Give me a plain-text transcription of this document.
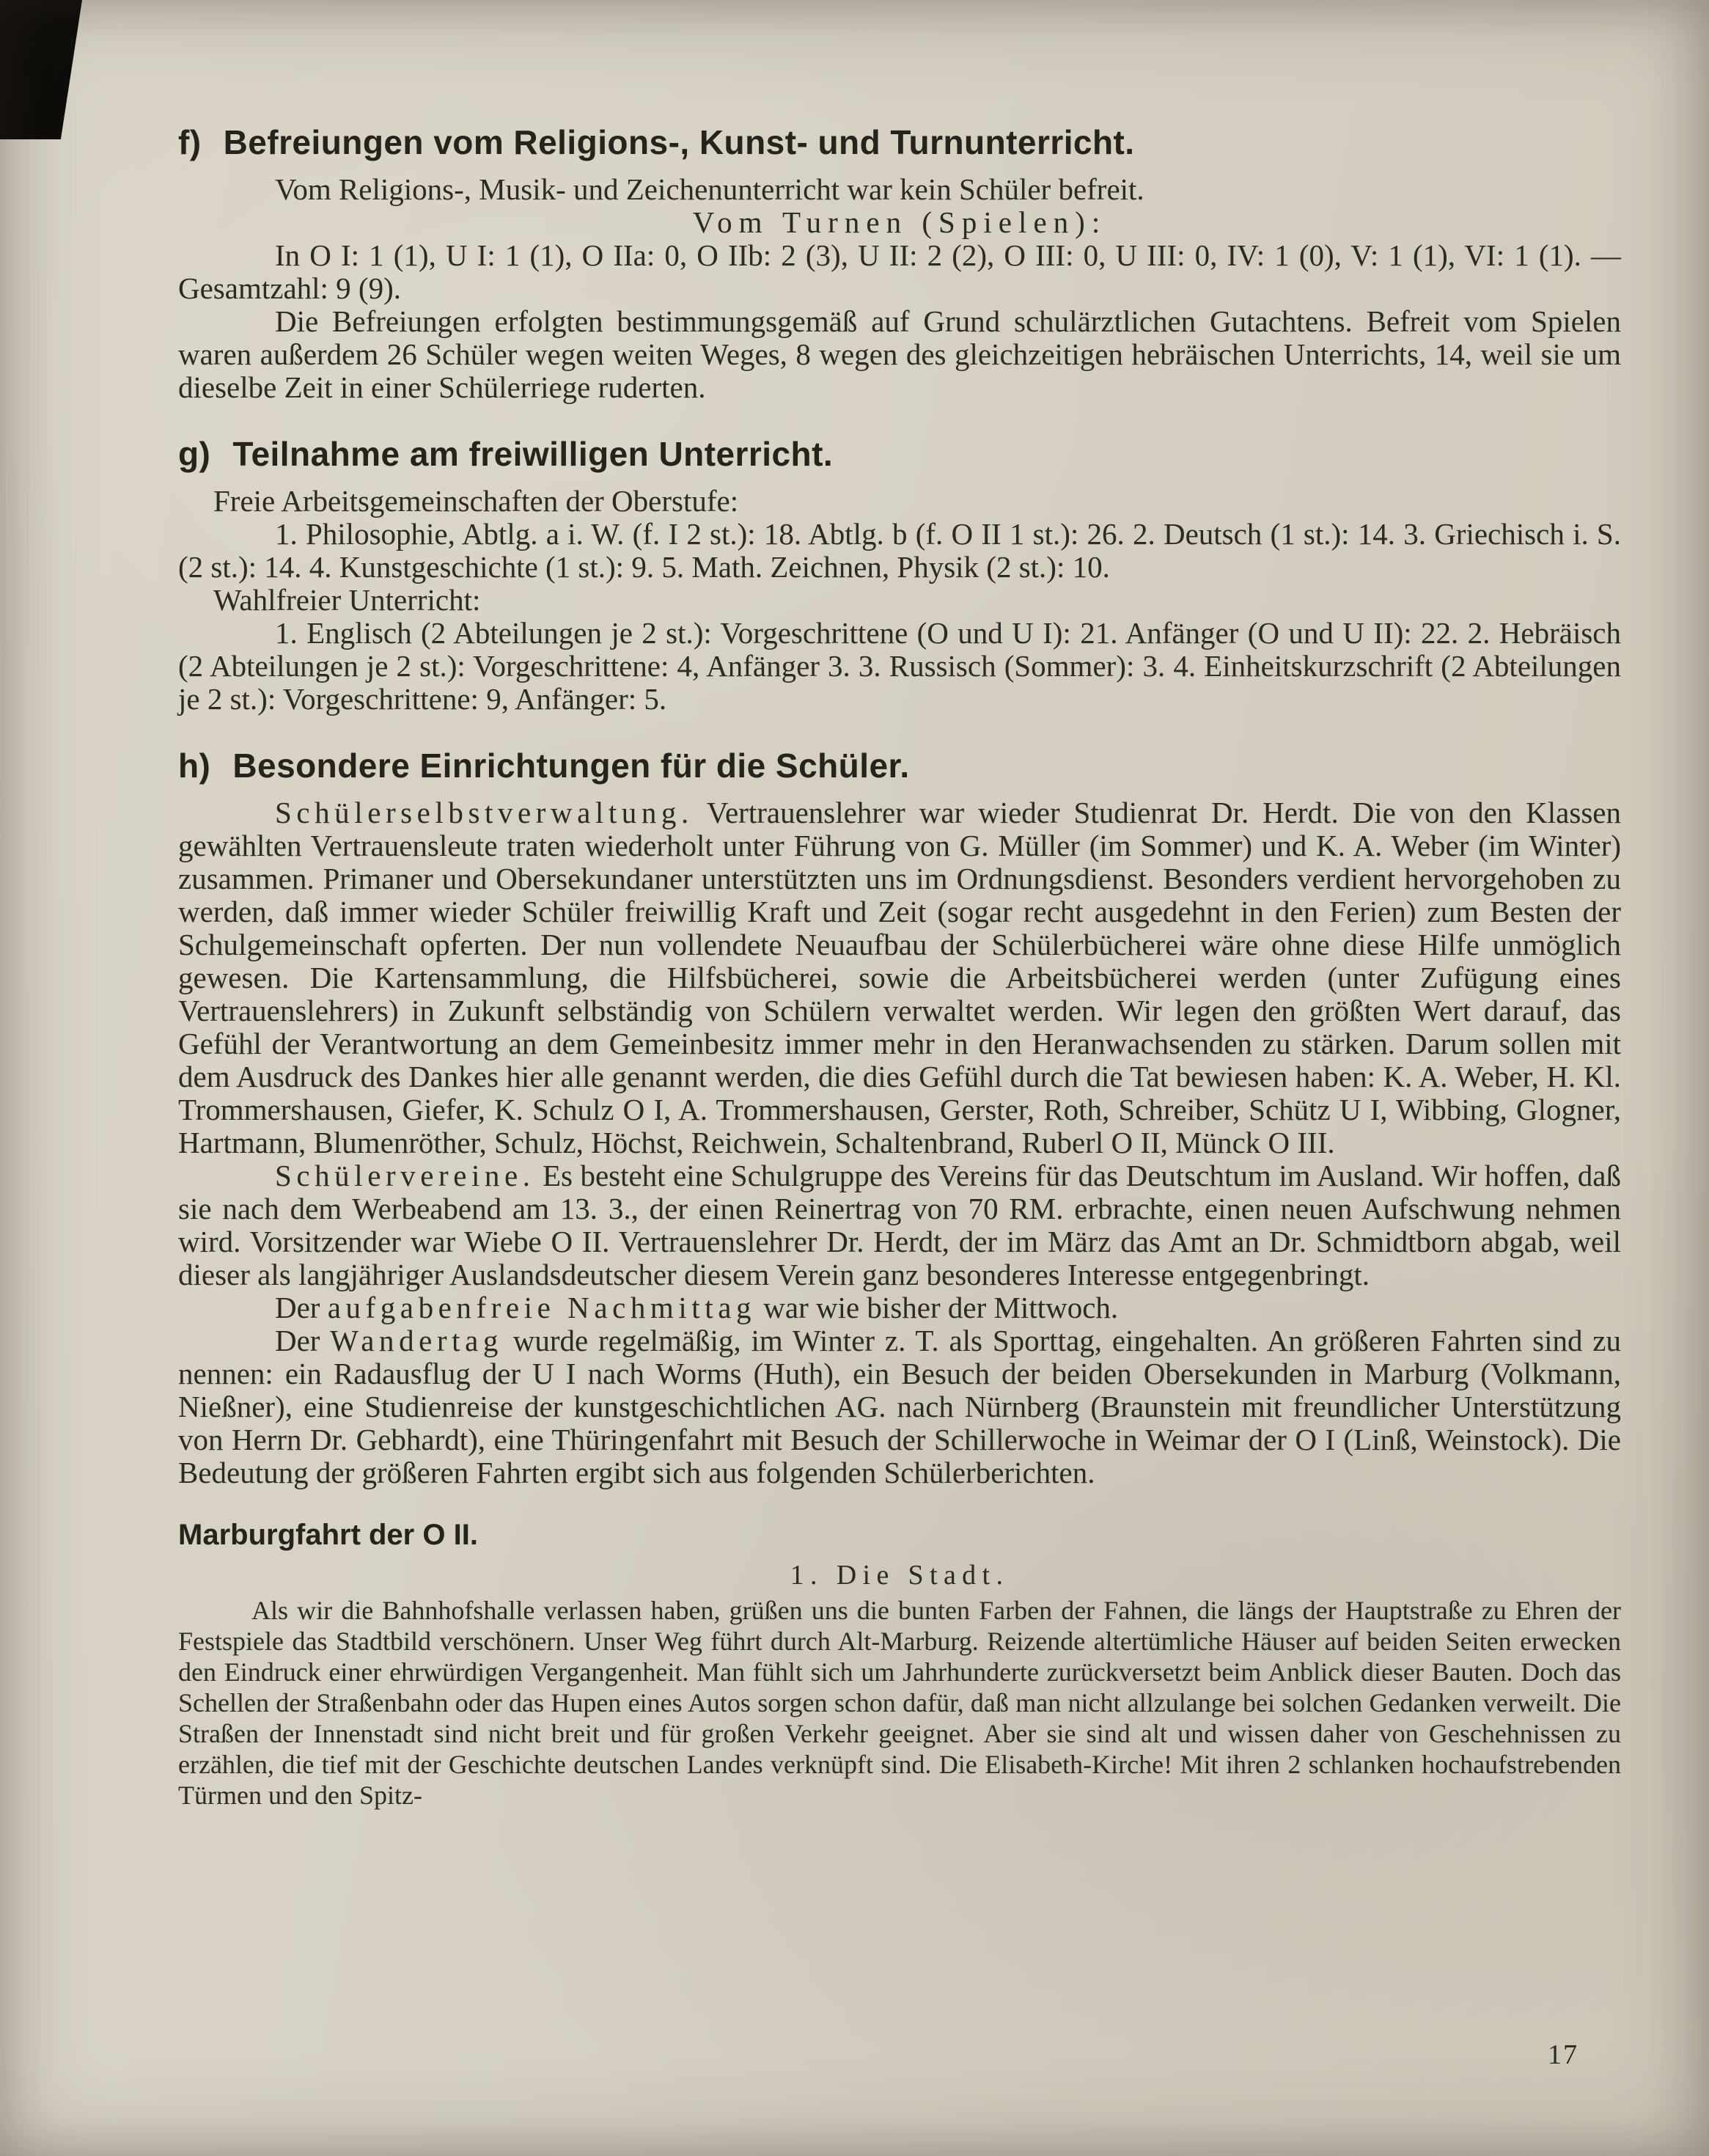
f) Befreiungen vom Religions-, Kunst- und Turnunterricht.

Vom Religions-, Musik- und Zeichenunterricht war kein Schüler befreit.

Vom Turnen (Spielen):

In O I: 1 (1), U I: 1 (1), O IIa: 0, O IIb: 2 (3), U II: 2 (2), O III: 0, U III: 0, IV: 1 (0), V: 1 (1), VI: 1 (1). — Gesamtzahl: 9 (9).

Die Befreiungen erfolgten bestimmungsgemäß auf Grund schulärztlichen Gutachtens. Befreit vom Spielen waren außerdem 26 Schüler wegen weiten Weges, 8 wegen des gleichzeitigen hebräischen Unterrichts, 14, weil sie um dieselbe Zeit in einer Schülerriege ruderten.

g) Teilnahme am freiwilligen Unterricht.

Freie Arbeitsgemeinschaften der Oberstufe:

1. Philosophie, Abtlg. a i. W. (f. I 2 st.): 18. Abtlg. b (f. O II 1 st.): 26. 2. Deutsch (1 st.): 14. 3. Griechisch i. S. (2 st.): 14. 4. Kunstgeschichte (1 st.): 9. 5. Math. Zeichnen, Physik (2 st.): 10.

Wahlfreier Unterricht:

1. Englisch (2 Abteilungen je 2 st.): Vorgeschrittene (O und U I): 21. Anfänger (O und U II): 22. 2. Hebräisch (2 Abteilungen je 2 st.): Vorgeschrittene: 4, Anfänger 3. 3. Russisch (Sommer): 3. 4. Einheitskurzschrift (2 Abteilungen je 2 st.): Vorgeschrittene: 9, Anfänger: 5.

h) Besondere Einrichtungen für die Schüler.

Schülerselbstverwaltung. Vertrauenslehrer war wieder Studienrat Dr. Herdt. Die von den Klassen gewählten Vertrauensleute traten wiederholt unter Führung von G. Müller (im Sommer) und K. A. Weber (im Winter) zusammen. Primaner und Obersekundaner unterstützten uns im Ordnungsdienst. Besonders verdient hervorgehoben zu werden, daß immer wieder Schüler freiwillig Kraft und Zeit (sogar recht ausgedehnt in den Ferien) zum Besten der Schulgemeinschaft opferten. Der nun vollendete Neuaufbau der Schülerbücherei wäre ohne diese Hilfe unmöglich gewesen. Die Kartensammlung, die Hilfsbücherei, sowie die Arbeitsbücherei werden (unter Zufügung eines Vertrauenslehrers) in Zukunft selbständig von Schülern verwaltet werden. Wir legen den größten Wert darauf, das Gefühl der Verantwortung an dem Gemeinbesitz immer mehr in den Heranwachsenden zu stärken. Darum sollen mit dem Ausdruck des Dankes hier alle genannt werden, die dies Gefühl durch die Tat bewiesen haben: K. A. Weber, H. Kl. Trommershausen, Giefer, K. Schulz O I, A. Trommershausen, Gerster, Roth, Schreiber, Schütz U I, Wibbing, Glogner, Hartmann, Blumenröther, Schulz, Höchst, Reichwein, Schaltenbrand, Ruberl O II, Münck O III.

Schülervereine. Es besteht eine Schulgruppe des Vereins für das Deutschtum im Ausland. Wir hoffen, daß sie nach dem Werbeabend am 13. 3., der einen Reinertrag von 70 RM. erbrachte, einen neuen Aufschwung nehmen wird. Vorsitzender war Wiebe O II. Vertrauenslehrer Dr. Herdt, der im März das Amt an Dr. Schmidtborn abgab, weil dieser als langjähriger Auslandsdeutscher diesem Verein ganz besonderes Interesse entgegenbringt.

Der aufgabenfreie Nachmittag war wie bisher der Mittwoch.

Der Wandertag wurde regelmäßig, im Winter z. T. als Sporttag, eingehalten. An größeren Fahrten sind zu nennen: ein Radausflug der U I nach Worms (Huth), ein Besuch der beiden Obersekunden in Marburg (Volkmann, Nießner), eine Studienreise der kunstgeschichtlichen AG. nach Nürnberg (Braunstein mit freundlicher Unterstützung von Herrn Dr. Gebhardt), eine Thüringenfahrt mit Besuch der Schillerwoche in Weimar der O I (Linß, Weinstock). Die Bedeutung der größeren Fahrten ergibt sich aus folgenden Schülerberichten.

Marburgfahrt der O II.

1. Die Stadt.

Als wir die Bahnhofshalle verlassen haben, grüßen uns die bunten Farben der Fahnen, die längs der Hauptstraße zu Ehren der Festspiele das Stadtbild verschönern. Unser Weg führt durch Alt-Marburg. Reizende altertümliche Häuser auf beiden Seiten erwecken den Eindruck einer ehrwürdigen Vergangenheit. Man fühlt sich um Jahrhunderte zurückversetzt beim Anblick dieser Bauten. Doch das Schellen der Straßenbahn oder das Hupen eines Autos sorgen schon dafür, daß man nicht allzulange bei solchen Gedanken verweilt. Die Straßen der Innenstadt sind nicht breit und für großen Verkehr geeignet. Aber sie sind alt und wissen daher von Geschehnissen zu erzählen, die tief mit der Geschichte deutschen Landes verknüpft sind. Die Elisabeth-Kirche! Mit ihren 2 schlanken hochaufstrebenden Türmen und den Spitz-

17
